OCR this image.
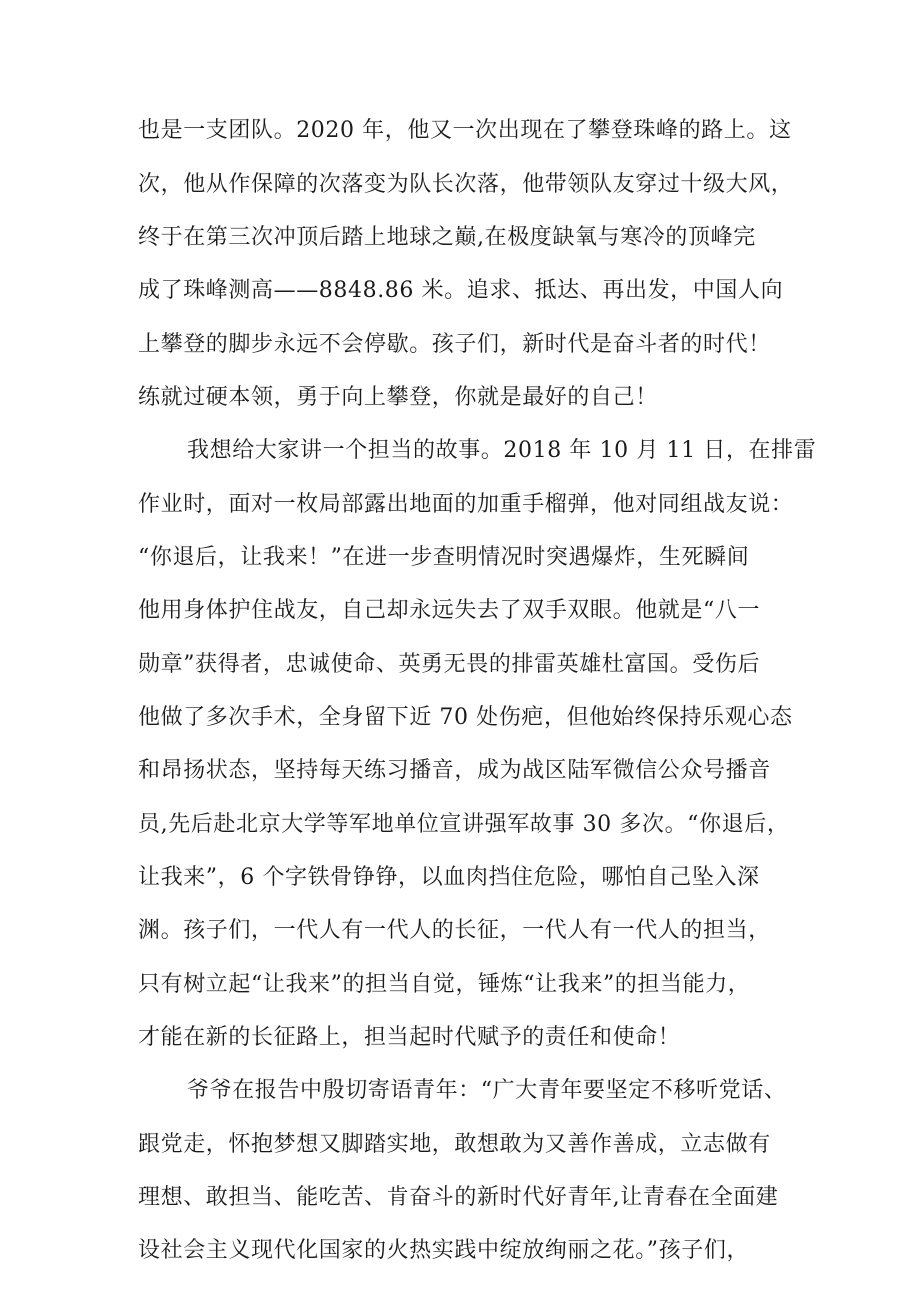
也是一支团队。2020 年，他又一次出现在了攀登珠峰的路上。这
次，他从作保障的次落变为队长次落，他带领队友穿过十级大风，
终于在第三次冲顶后踏上地球之巅,在极度缺氧与寒冷的顶峰完
成了珠峰测高——8848.86 米。追求、抵达、再出发，中国人向
上攀登的脚步永远不会停歇。孩子们，新时代是奋斗者的时代！
练就过硬本领，勇于向上攀登，你就是最好的自己！
我想给大家讲一个担当的故事。2018 年 10 月 11 日，在排雷
作业时，面对一枚局部露出地面的加重手榴弹，他对同组战友说：
“你退后，让我来！”在进一步查明情况时突遇爆炸，生死瞬间
他用身体护住战友，自己却永远失去了双手双眼。他就是“八一
勋章”获得者，忠诚使命、英勇无畏的排雷英雄杜富国。受伤后
他做了多次手术，全身留下近 70 处伤疤，但他始终保持乐观心态
和昂扬状态，坚持每天练习播音，成为战区陆军微信公众号播音
员,先后赴北京大学等军地单位宣讲强军故事 30 多次。“你退后，
让我来”，6 个字铁骨铮铮，以血肉挡住危险，哪怕自己坠入深
渊。孩子们，一代人有一代人的长征，一代人有一代人的担当，
只有树立起“让我来”的担当自觉，锤炼“让我来”的担当能力，
才能在新的长征路上，担当起时代赋予的责任和使命！
爷爷在报告中殷切寄语青年：“广大青年要坚定不移听党话、
跟党走，怀抱梦想又脚踏实地，敢想敢为又善作善成，立志做有
理想、敢担当、能吃苦、肯奋斗的新时代好青年,让青春在全面建
设社会主义现代化国家的火热实践中绽放绚丽之花。”孩子们，
